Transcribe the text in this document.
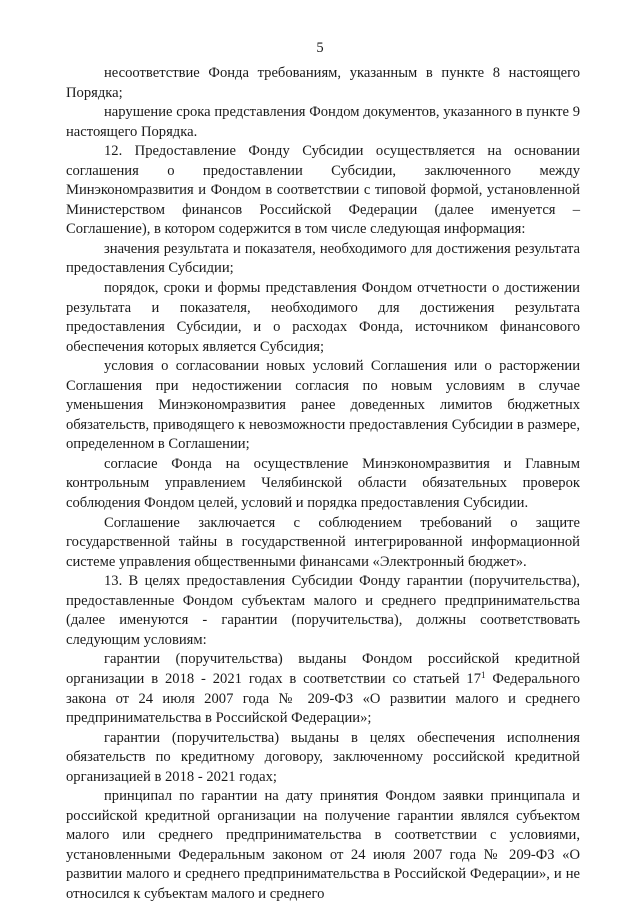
5

несоответствие Фонда требованиям, указанным в пункте 8 настоящего Порядка;

нарушение срока представления Фондом документов, указанного в пункте 9 настоящего Порядка.

12. Предоставление Фонду Субсидии осуществляется на основании соглашения о предоставлении Субсидии, заключенного между Минэкономразвития и Фондом в соответствии с типовой формой, установленной Министерством финансов Российской Федерации (далее именуется – Соглашение), в котором содержится в том числе следующая информация:

значения результата и показателя, необходимого для достижения результата предоставления Субсидии;

порядок, сроки и формы представления Фондом отчетности о достижении результата и показателя, необходимого для достижения результата предоставления Субсидии, и о расходах Фонда, источником финансового обеспечения которых является Субсидия;

условия о согласовании новых условий Соглашения или о расторжении Соглашения при недостижении согласия по новым условиям в случае уменьшения Минэкономразвития ранее доведенных лимитов бюджетных обязательств, приводящего к невозможности предоставления Субсидии в размере, определенном в Соглашении;

согласие Фонда на осуществление Минэкономразвития и Главным контрольным управлением Челябинской области обязательных проверок соблюдения Фондом целей, условий и порядка предоставления Субсидии.

Соглашение заключается с соблюдением требований о защите государственной тайны в государственной интегрированной информационной системе управления общественными финансами «Электронный бюджет».

13. В целях предоставления Субсидии Фонду гарантии (поручительства), предоставленные Фондом субъектам малого и среднего предпринимательства (далее именуются - гарантии (поручительства), должны соответствовать следующим условиям:

гарантии (поручительства) выданы Фондом российской кредитной организации в 2018 - 2021 годах в соответствии со статьей $17^1$ Федерального закона от 24 июля 2007 года № 209-ФЗ «О развитии малого и среднего предпринимательства в Российской Федерации»;

гарантии (поручительства) выданы в целях обеспечения исполнения обязательств по кредитному договору, заключенному российской кредитной организацией в 2018 - 2021 годах;

принципал по гарантии на дату принятия Фондом заявки принципала и российской кредитной организации на получение гарантии являлся субъектом малого или среднего предпринимательства в соответствии с условиями, установленными Федеральным законом от 24 июля 2007 года № 209-ФЗ «О развитии малого и среднего предпринимательства в Российской Федерации», и не относился к субъектам малого и среднего
